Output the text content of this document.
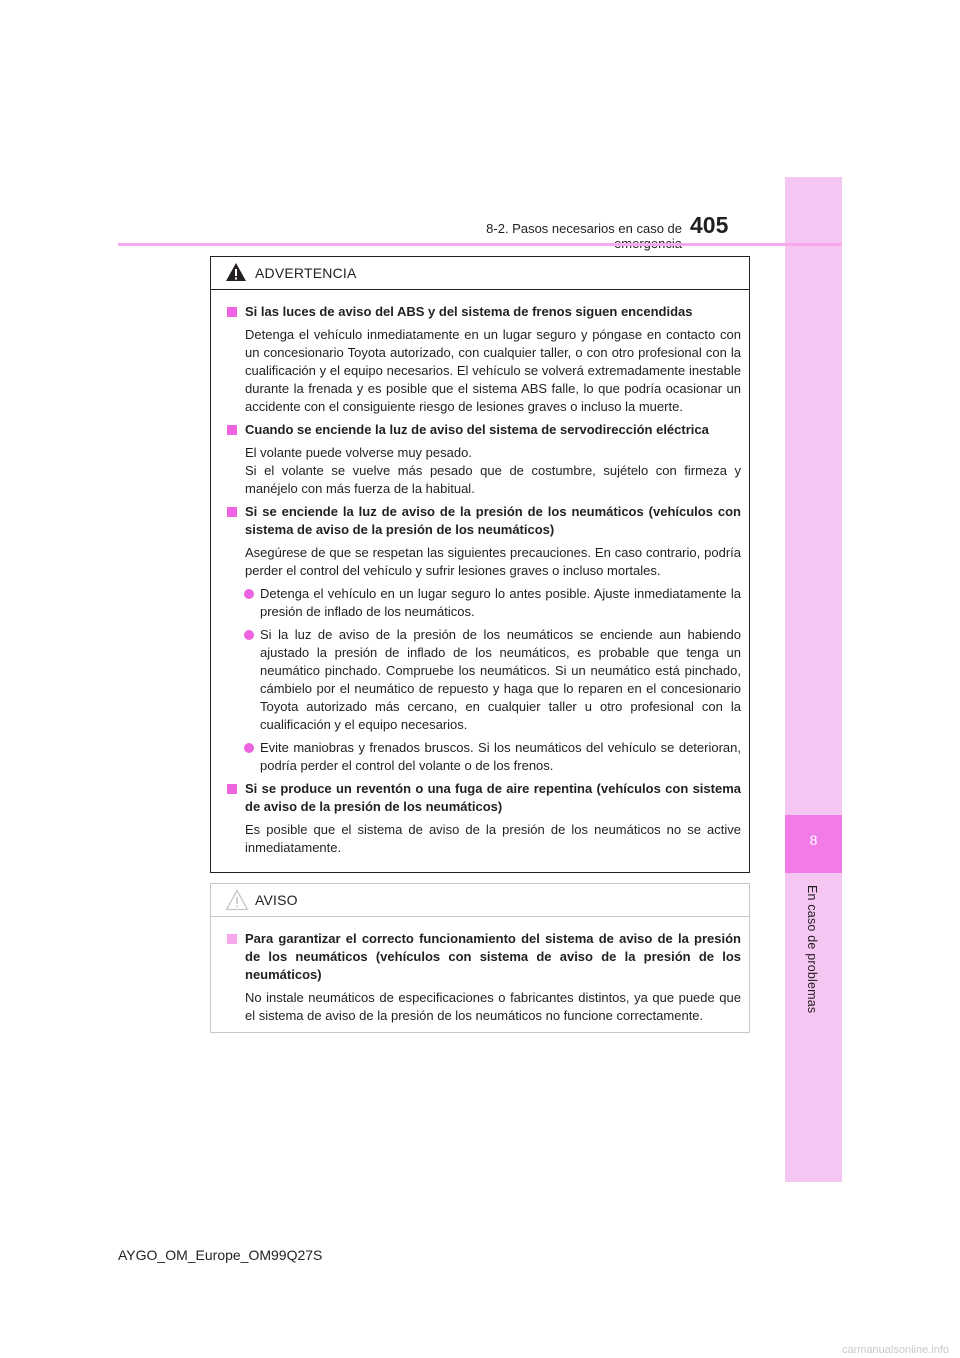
8
En caso de problemas
8-2. Pasos necesarios en caso de 405
ADVERTENCIA
Si las luces de aviso del ABS y del sistema de frenos siguen encendidas
Detenga el vehículo inmediatamente en un lugar seguro y póngase en contacto con un concesionario Toyota autorizado, con cualquier taller, o con otro profesional con la cualificación y el equipo necesarios. El vehículo se volverá extremadamente inestable durante la frenada y es posible que el sistema ABS falle, lo que podría ocasionar un accidente con el consiguiente riesgo de lesiones graves o incluso la muerte.
Cuando se enciende la luz de aviso del sistema de servodirección eléctrica
El volante puede volverse muy pesado.
Si el volante se vuelve más pesado que de costumbre, sujételo con firmeza y manéjelo con más fuerza de la habitual.
Si se enciende la luz de aviso de la presión de los neumáticos (vehículos con sistema de aviso de la presión de los neumáticos)
Asegúrese de que se respetan las siguientes precauciones. En caso contrario, podría perder el control del vehículo y sufrir lesiones graves o incluso mortales.
Detenga el vehículo en un lugar seguro lo antes posible. Ajuste inmediatamente la presión de inflado de los neumáticos.
Si la luz de aviso de la presión de los neumáticos se enciende aun habiendo ajustado la presión de inflado de los neumáticos, es probable que tenga un neumático pinchado. Compruebe los neumáticos. Si un neumático está pinchado, cámbielo por el neumático de repuesto y haga que lo reparen en el concesionario Toyota autorizado más cercano, en cualquier taller u otro profesional con la cualificación y el equipo necesarios.
Evite maniobras y frenados bruscos. Si los neumáticos del vehículo se deterioran, podría perder el control del volante o de los frenos.
Si se produce un reventón o una fuga de aire repentina (vehículos con sistema de aviso de la presión de los neumáticos)
Es posible que el sistema de aviso de la presión de los neumáticos no se active inmediatamente.
AVISO
Para garantizar el correcto funcionamiento del sistema de aviso de la presión de los neumáticos (vehículos con sistema de aviso de la presión de los neumáticos)
No instale neumáticos de especificaciones o fabricantes distintos, ya que puede que el sistema de aviso de la presión de los neumáticos no funcione correctamente.
AYGO_OM_Europe_OM99Q27S
carmanualsonline.info
